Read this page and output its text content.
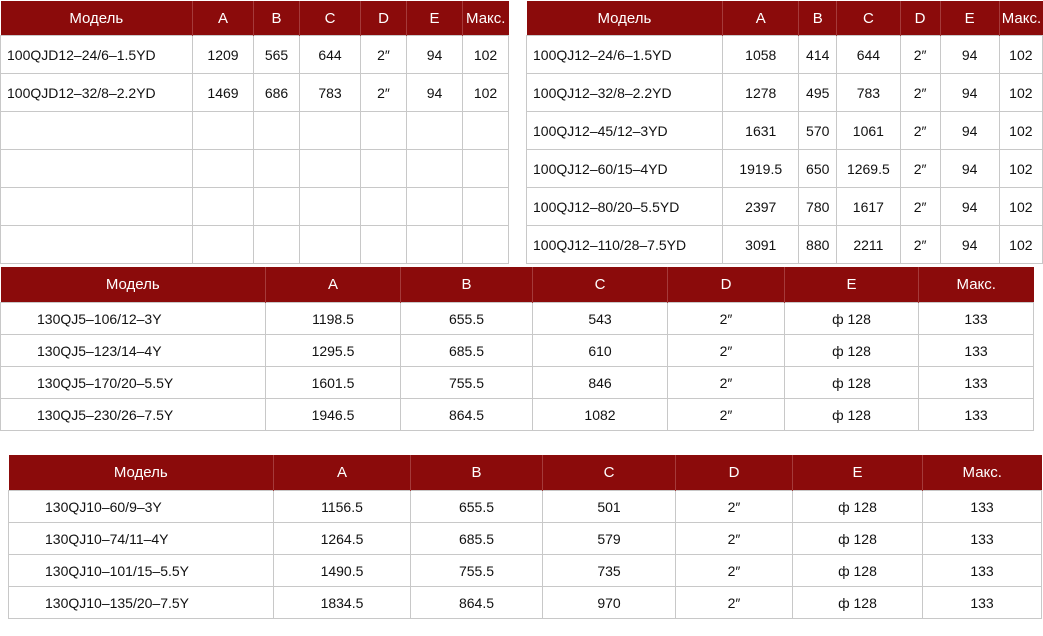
Модель	A	B	C	D	E	Макс.
100QJD12–24/6–1.5YD	1209	565	644	2″	94	102
100QJD12–32/8–2.2YD	1469	686	783	2″	94	102

Модель	A	B	C	D	E	Макс.
100QJ12–24/6–1.5YD	1058	414	644	2″	94	102
100QJ12–32/8–2.2YD	1278	495	783	2″	94	102
100QJ12–45/12–3YD	1631	570	1061	2″	94	102
100QJ12–60/15–4YD	1919.5	650	1269.5	2″	94	102
100QJ12–80/20–5.5YD	2397	780	1617	2″	94	102
100QJ12–110/28–7.5YD	3091	880	2211	2″	94	102
Модель	A	B	C	D	E	Макс.
130QJ5–106/12–3Y	1198.5	655.5	543	2″	ф 128	133
130QJ5–123/14–4Y	1295.5	685.5	610	2″	ф 128	133
130QJ5–170/20–5.5Y	1601.5	755.5	846	2″	ф 128	133
130QJ5–230/26–7.5Y	1946.5	864.5	1082	2″	ф 128	133
Модель	A	B	C	D	E	Макс.
130QJ10–60/9–3Y	1156.5	655.5	501	2″	ф 128	133
130QJ10–74/11–4Y	1264.5	685.5	579	2″	ф 128	133
130QJ10–101/15–5.5Y	1490.5	755.5	735	2″	ф 128	133
130QJ10–135/20–7.5Y	1834.5	864.5	970	2″	ф 128	133
